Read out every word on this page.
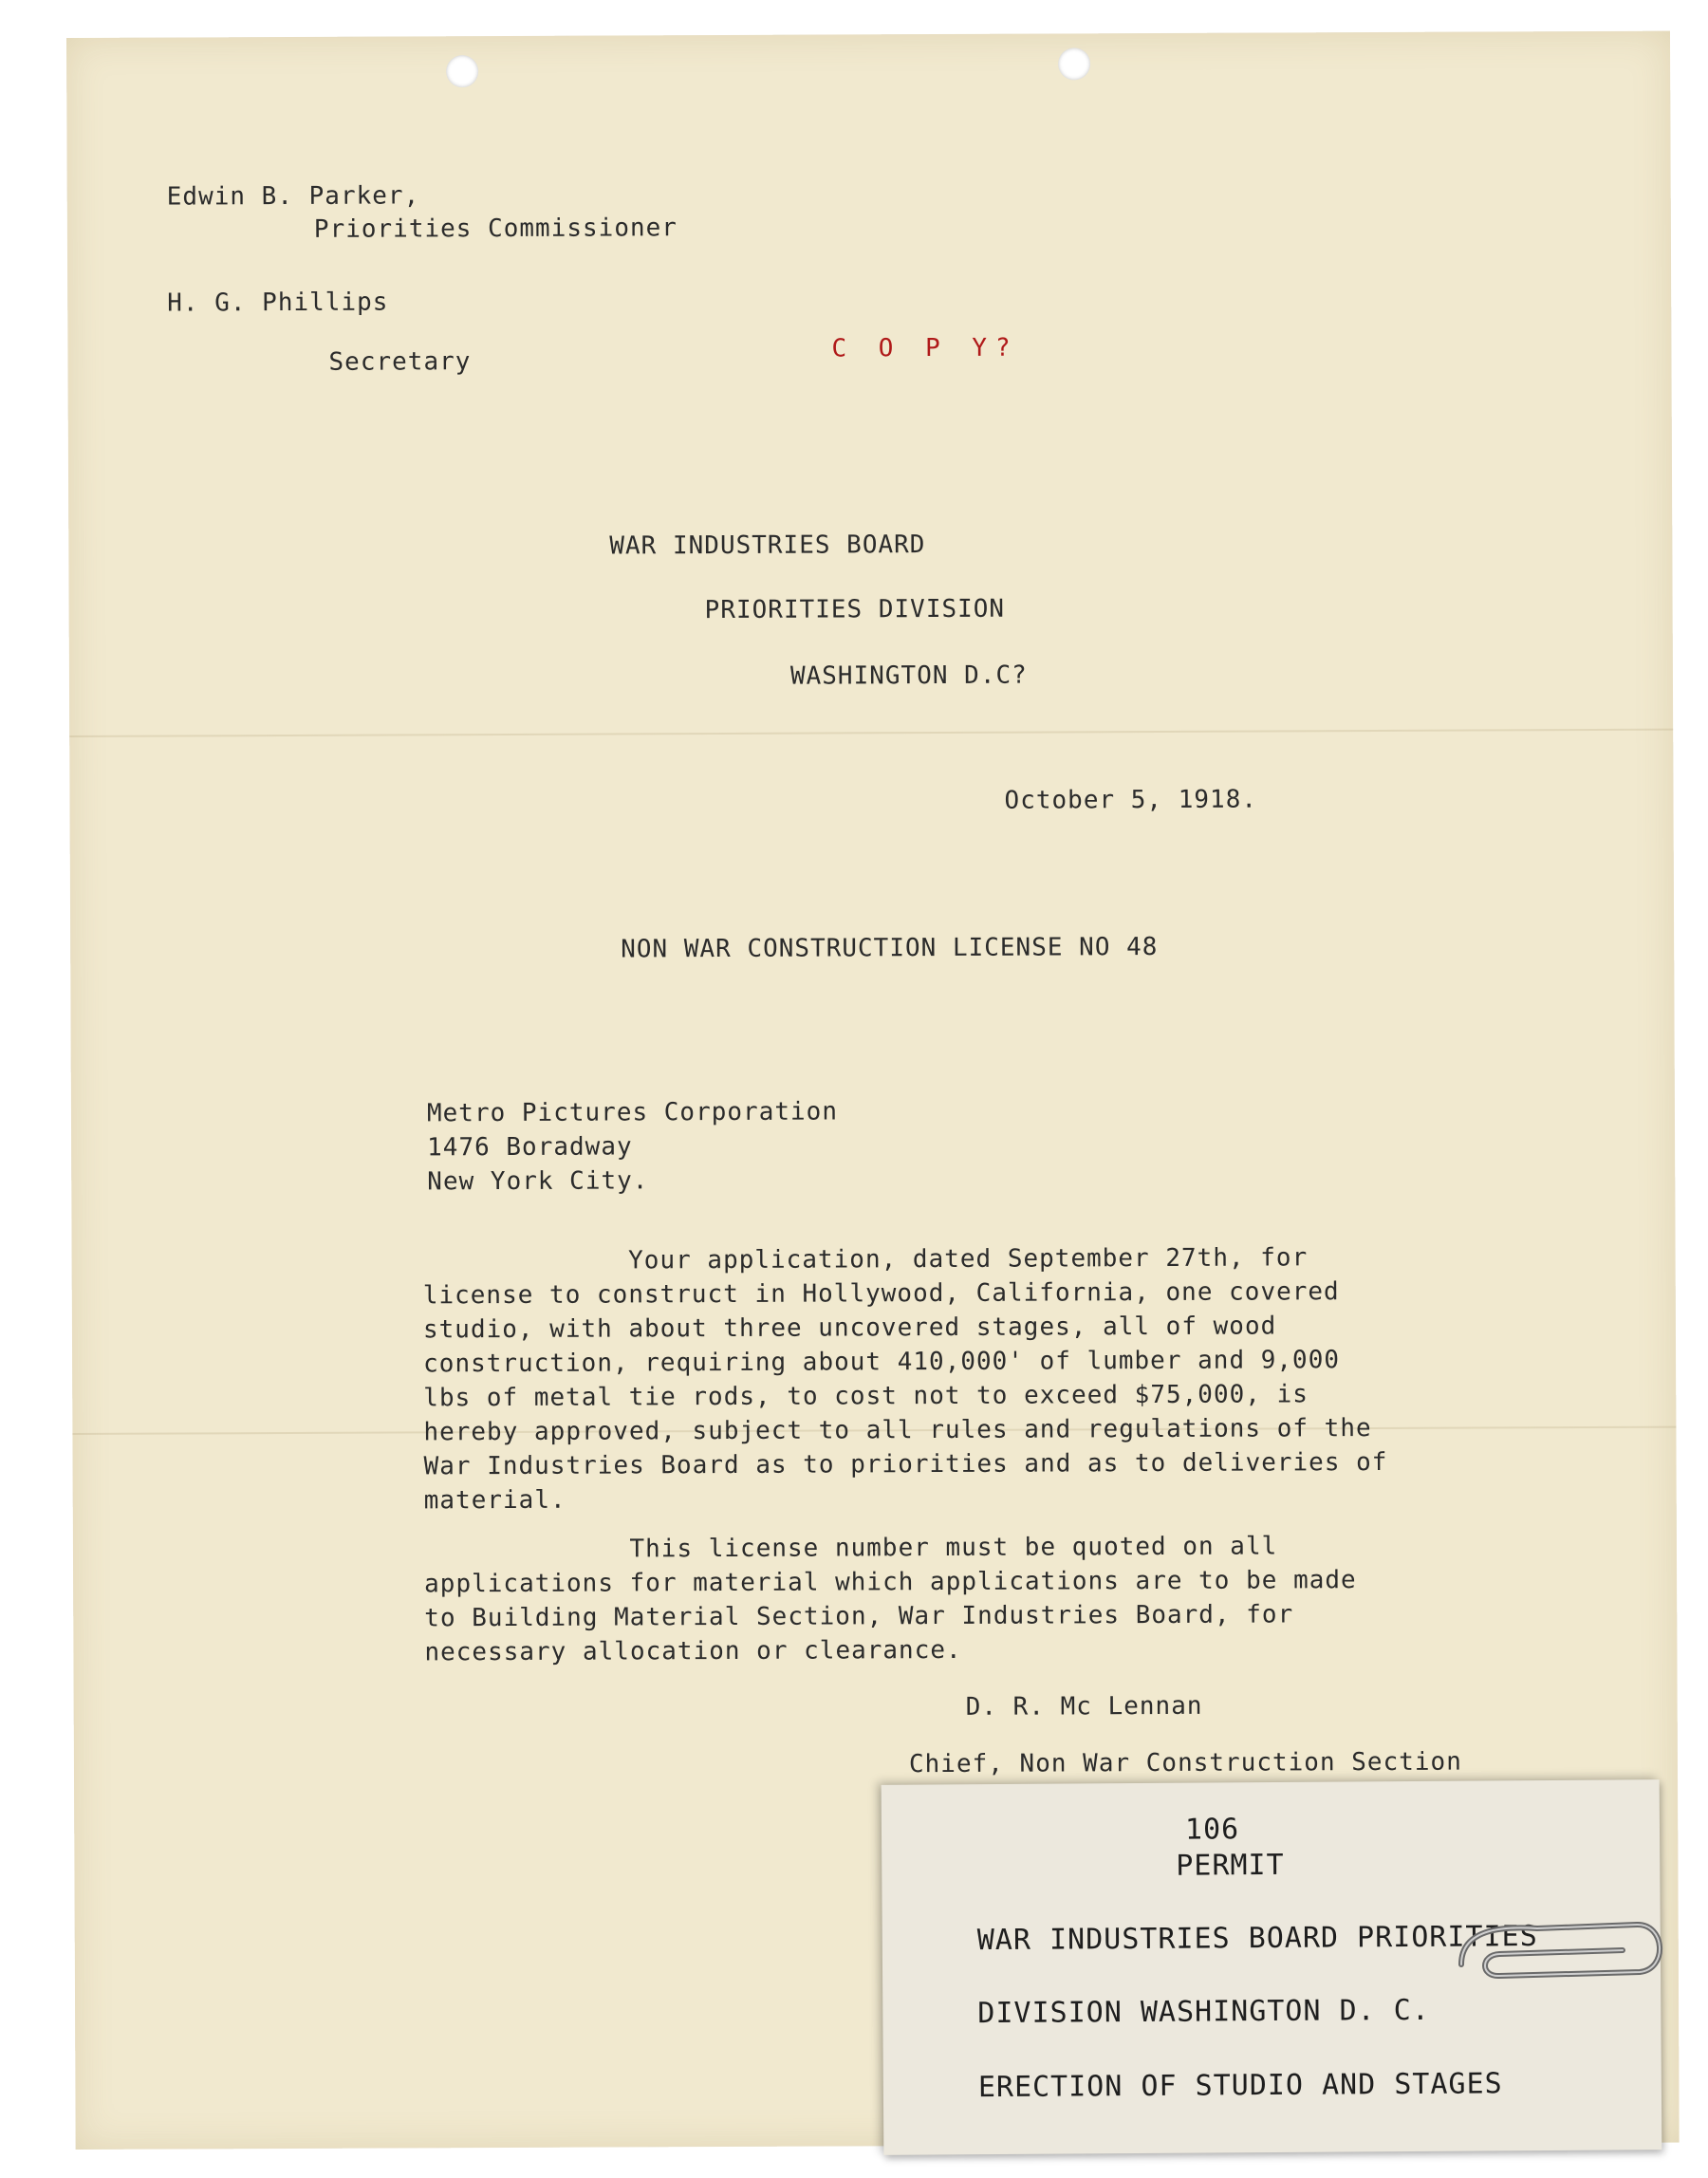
Edwin B. Parker,
Priorities Commissioner
H. G. Phillips
Secretary	C O P Y?
WAR INDUSTRIES BOARD
PRIORITIES DIVISION
WASHINGTON D.C?
October 5, 1918.
NON WAR CONSTRUCTION LICENSE NO 48
Metro Pictures Corporation
1476 Boradway
New York City.
Your application, dated September 27th, for
license to construct in Hollywood, California, one covered
studio, with about three uncovered stages, all of wood
construction, requiring about 410,000' of lumber and 9,000
lbs of metal tie rods, to cost not to exceed $75,000, is
hereby approved, subject to all rules and regulations of the
War Industries Board as to priorities and as to deliveries of
material.
This license number must be quoted on all
applications for material which applications are to be made
to Building Material Section, War Industries Board, for
necessary allocation or clearance.
D. R. Mc Lennan
Chief, Non War Construction Section
106
PERMIT
WAR INDUSTRIES BOARD PRIORITIES
DIVISION WASHINGTON D. C.
ERECTION OF STUDIO AND STAGES
